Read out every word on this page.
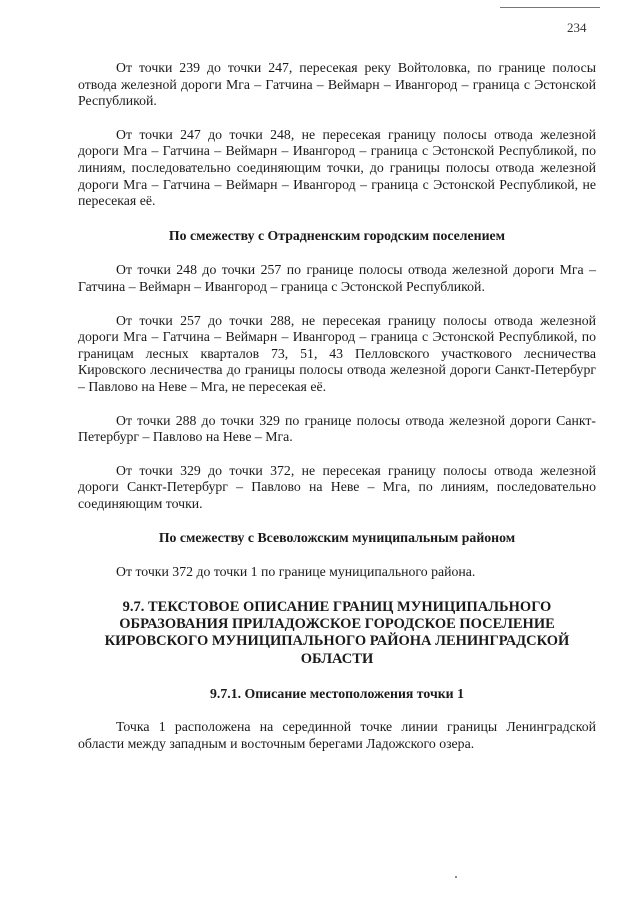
234

От точки 239 до точки 247, пересекая реку Войтоловка, по границе полосы отвода железной дороги Мга – Гатчина – Веймарн – Ивангород – граница с Эстонской Республикой.

От точки 247 до точки 248, не пересекая границу полосы отвода железной дороги Мга – Гатчина – Веймарн – Ивангород – граница с Эстонской Республикой, по линиям, последовательно соединяющим точки, до границы полосы отвода железной дороги Мга – Гатчина – Веймарн – Ивангород – граница с Эстонской Республикой, не пересекая её.

По смежеству с Отрадненским городским поселением

От точки 248 до точки 257 по границе полосы отвода железной дороги Мга – Гатчина – Веймарн – Ивангород – граница с Эстонской Республикой.

От точки 257 до точки 288, не пересекая границу полосы отвода железной дороги Мга – Гатчина – Веймарн – Ивангород – граница с Эстонской Республикой, по границам лесных кварталов 73, 51, 43 Пелловского участкового лесничества Кировского лесничества до границы полосы отвода железной дороги Санкт-Петербург – Павлово на Неве – Мга, не пересекая её.

От точки 288 до точки 329 по границе полосы отвода железной дороги Санкт-Петербург – Павлово на Неве – Мга.

От точки 329 до точки 372, не пересекая границу полосы отвода железной дороги Санкт-Петербург – Павлово на Неве – Мга, по линиям, последовательно соединяющим точки.

По смежеству с Всеволожским муниципальным районом

От точки 372 до точки 1 по границе муниципального района.

9.7. ТЕКСТОВОЕ ОПИСАНИЕ ГРАНИЦ МУНИЦИПАЛЬНОГО ОБРАЗОВАНИЯ ПРИЛАДОЖСКОЕ ГОРОДСКОЕ ПОСЕЛЕНИЕ КИРОВСКОГО МУНИЦИПАЛЬНОГО РАЙОНА ЛЕНИНГРАДСКОЙ ОБЛАСТИ

9.7.1. Описание местоположения точки 1

Точка 1 расположена на серединной точке линии границы Ленинградской области между западным и восточным берегами Ладожского озера.
